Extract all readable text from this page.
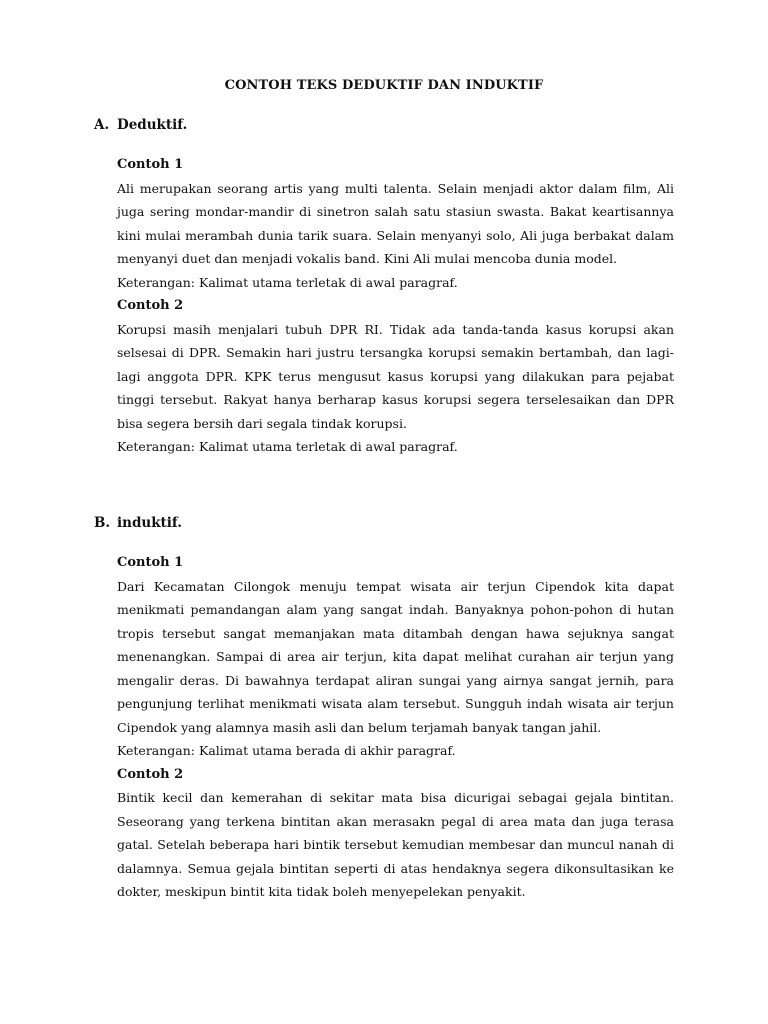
CONTOH TEKS DEDUKTIF DAN INDUKTIF
A. Deduktif.
Contoh 1

Ali merupakan seorang artis yang multi talenta. Selain menjadi aktor dalam film, Ali juga sering mondar-mandir di sinetron salah satu stasiun swasta. Bakat keartisannya kini mulai merambah dunia tarik suara. Selain menyanyi solo, Ali juga berbakat dalam menyanyi duet dan menjadi vokalis band. Kini Ali mulai mencoba dunia model.

Keterangan: Kalimat utama terletak di awal paragraf.

Contoh 2

Korupsi masih menjalari tubuh DPR RI. Tidak ada tanda-tanda kasus korupsi akan selsesai di DPR. Semakin hari justru tersangka korupsi semakin bertambah, dan lagi-lagi anggota DPR. KPK terus mengusut kasus korupsi yang dilakukan para pejabat tinggi tersebut. Rakyat hanya berharap kasus korupsi segera terselesaikan dan DPR bisa segera bersih dari segala tindak korupsi.

Keterangan: Kalimat utama terletak di awal paragraf.

B. induktif.
Contoh 1

Dari Kecamatan Cilongok menuju tempat wisata air terjun Cipendok kita dapat menikmati pemandangan alam yang sangat indah. Banyaknya pohon-pohon di hutan tropis tersebut sangat memanjakan mata ditambah dengan hawa sejuknya sangat menenangkan. Sampai di area air terjun, kita dapat melihat curahan air terjun yang mengalir deras. Di bawahnya terdapat aliran sungai yang airnya sangat jernih, para pengunjung terlihat menikmati wisata alam tersebut. Sungguh indah wisata air terjun Cipendok yang alamnya masih asli dan belum terjamah banyak tangan jahil.

Keterangan: Kalimat utama berada di akhir paragraf.

Contoh 2

Bintik kecil dan kemerahan di sekitar mata bisa dicurigai sebagai gejala bintitan. Seseorang yang terkena bintitan akan merasakn pegal di area mata dan juga terasa gatal. Setelah beberapa hari bintik tersebut kemudian membesar dan muncul nanah di dalamnya. Semua gejala bintitan seperti di atas hendaknya segera dikonsultasikan ke dokter, meskipun bintit kita tidak boleh menyepelekan penyakit.
